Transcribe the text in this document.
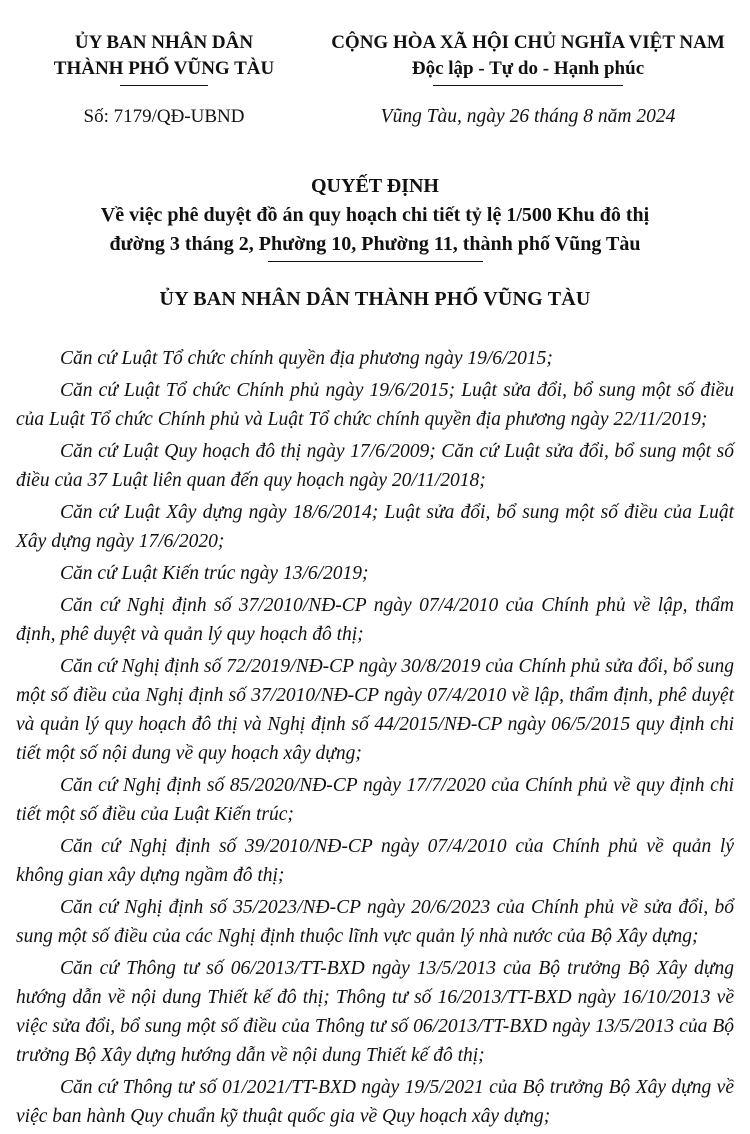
ỦY BAN NHÂN DÂN
THÀNH PHỐ VŨNG TÀU
Số: 7179/QĐ-UBND
CỘNG HÒA XÃ HỘI CHỦ NGHĨA VIỆT NAM
Độc lập - Tự do - Hạnh phúc
Vũng Tàu, ngày 26 tháng 8 năm 2024
QUYẾT ĐỊNH
Về việc phê duyệt đồ án quy hoạch chi tiết tỷ lệ 1/500 Khu đô thị
đường 3 tháng 2, Phường 10, Phường 11, thành phố Vũng Tàu
ỦY BAN NHÂN DÂN THÀNH PHỐ VŨNG TÀU

Căn cứ Luật Tổ chức chính quyền địa phương ngày 19/6/2015;

Căn cứ Luật Tổ chức Chính phủ ngày 19/6/2015; Luật sửa đổi, bổ sung một số điều của Luật Tổ chức Chính phủ và Luật Tổ chức chính quyền địa phương ngày 22/11/2019;

Căn cứ Luật Quy hoạch đô thị ngày 17/6/2009; Căn cứ Luật sửa đổi, bổ sung một số điều của 37 Luật liên quan đến quy hoạch ngày 20/11/2018;

Căn cứ Luật Xây dựng ngày 18/6/2014; Luật sửa đổi, bổ sung một số điều của Luật Xây dựng ngày 17/6/2020;

Căn cứ Luật Kiến trúc ngày 13/6/2019;

Căn cứ Nghị định số 37/2010/NĐ-CP ngày 07/4/2010 của Chính phủ về lập, thẩm định, phê duyệt và quản lý quy hoạch đô thị;

Căn cứ Nghị định số 72/2019/NĐ-CP ngày 30/8/2019 của Chính phủ sửa đổi, bổ sung một số điều của Nghị định số 37/2010/NĐ-CP ngày 07/4/2010 về lập, thẩm định, phê duyệt và quản lý quy hoạch đô thị và Nghị định số 44/2015/NĐ-CP ngày 06/5/2015 quy định chi tiết một số nội dung về quy hoạch xây dựng;

Căn cứ Nghị định số 85/2020/NĐ-CP ngày 17/7/2020 của Chính phủ về quy định chi tiết một số điều của Luật Kiến trúc;

Căn cứ Nghị định số 39/2010/NĐ-CP ngày 07/4/2010 của Chính phủ về quản lý không gian xây dựng ngầm đô thị;

Căn cứ Nghị định số 35/2023/NĐ-CP ngày 20/6/2023 của Chính phủ về sửa đổi, bổ sung một số điều của các Nghị định thuộc lĩnh vực quản lý nhà nước của Bộ Xây dựng;

Căn cứ Thông tư số 06/2013/TT-BXD ngày 13/5/2013 của Bộ trưởng Bộ Xây dựng hướng dẫn về nội dung Thiết kế đô thị; Thông tư số 16/2013/TT-BXD ngày 16/10/2013 về việc sửa đổi, bổ sung một số điều của Thông tư số 06/2013/TT-BXD ngày 13/5/2013 của Bộ trưởng Bộ Xây dựng hướng dẫn về nội dung Thiết kế đô thị;

Căn cứ Thông tư số 01/2021/TT-BXD ngày 19/5/2021 của Bộ trưởng Bộ Xây dựng về việc ban hành Quy chuẩn kỹ thuật quốc gia về Quy hoạch xây dựng;
